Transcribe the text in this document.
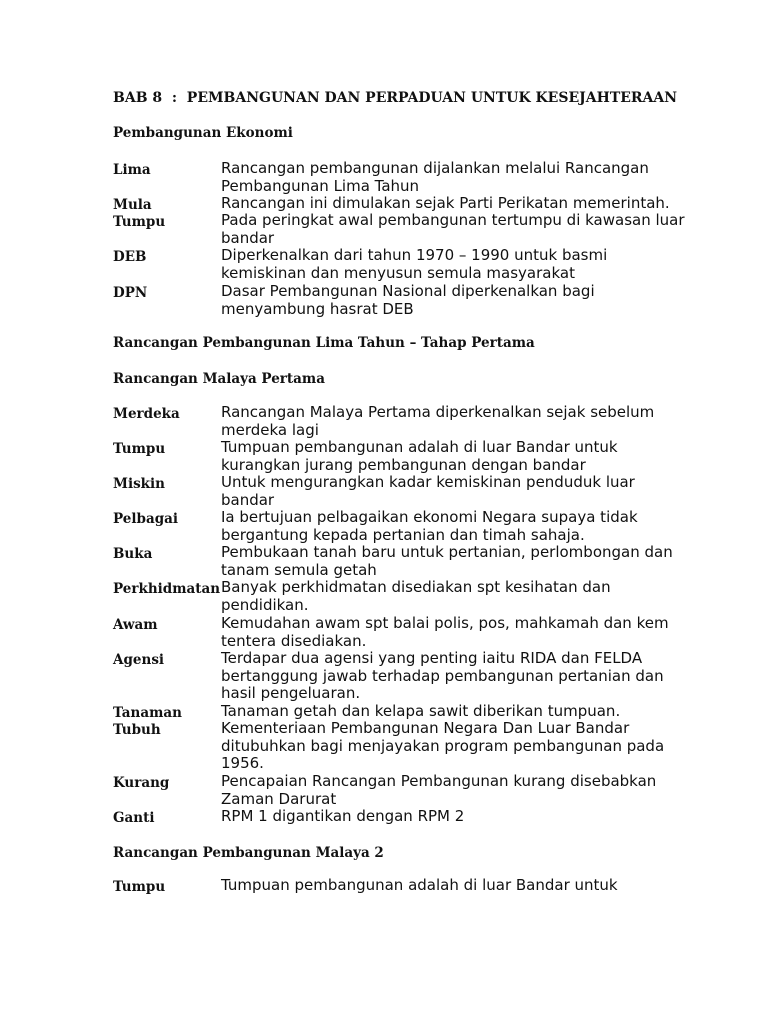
BAB 8  :  PEMBANGUNAN DAN PERPADUAN UNTUK KESEJAHTERAAN
Pembangunan Ekonomi
Lima	Rancangan pembangunan dijalankan melalui Rancangan
Pembangunan Lima Tahun
Mula	Rancangan ini dimulakan sejak Parti Perikatan memerintah.
Tumpu	Pada peringkat awal pembangunan tertumpu di kawasan luar
bandar
DEB	Diperkenalkan dari tahun 1970 – 1990 untuk basmi
kemiskinan dan menyusun semula masyarakat
DPN	Dasar Pembangunan Nasional diperkenalkan bagi
menyambung hasrat DEB
Rancangan Pembangunan Lima Tahun – Tahap Pertama
Rancangan Malaya Pertama
Merdeka	Rancangan Malaya Pertama diperkenalkan sejak sebelum
merdeka lagi
Tumpu	Tumpuan pembangunan adalah di luar Bandar untuk
kurangkan jurang pembangunan dengan bandar
Miskin	Untuk mengurangkan kadar kemiskinan penduduk luar
bandar
Pelbagai	Ia bertujuan pelbagaikan ekonomi Negara supaya tidak
bergantung kepada pertanian dan timah sahaja.
Buka	Pembukaan tanah baru untuk pertanian, perlombongan dan
tanam semula getah
Perkhidmatan Banyak perkhidmatan disediakan spt kesihatan dan
pendidikan.
Awam	Kemudahan awam spt balai polis, pos, mahkamah dan kem
tentera disediakan.
Agensi	Terdapar dua agensi yang penting iaitu RIDA dan FELDA
bertanggung jawab terhadap pembangunan pertanian dan
hasil pengeluaran.
Tanaman	Tanaman getah dan kelapa sawit diberikan tumpuan.
Tubuh	Kementeriaan Pembangunan Negara Dan Luar Bandar
ditubuhkan bagi menjayakan program pembangunan pada
1956.
Kurang	Pencapaian Rancangan Pembangunan kurang disebabkan
Zaman Darurat
Ganti	RPM 1 digantikan dengan RPM 2
Rancangan Pembangunan Malaya 2
Tumpu	Tumpuan pembangunan adalah di luar Bandar untuk
